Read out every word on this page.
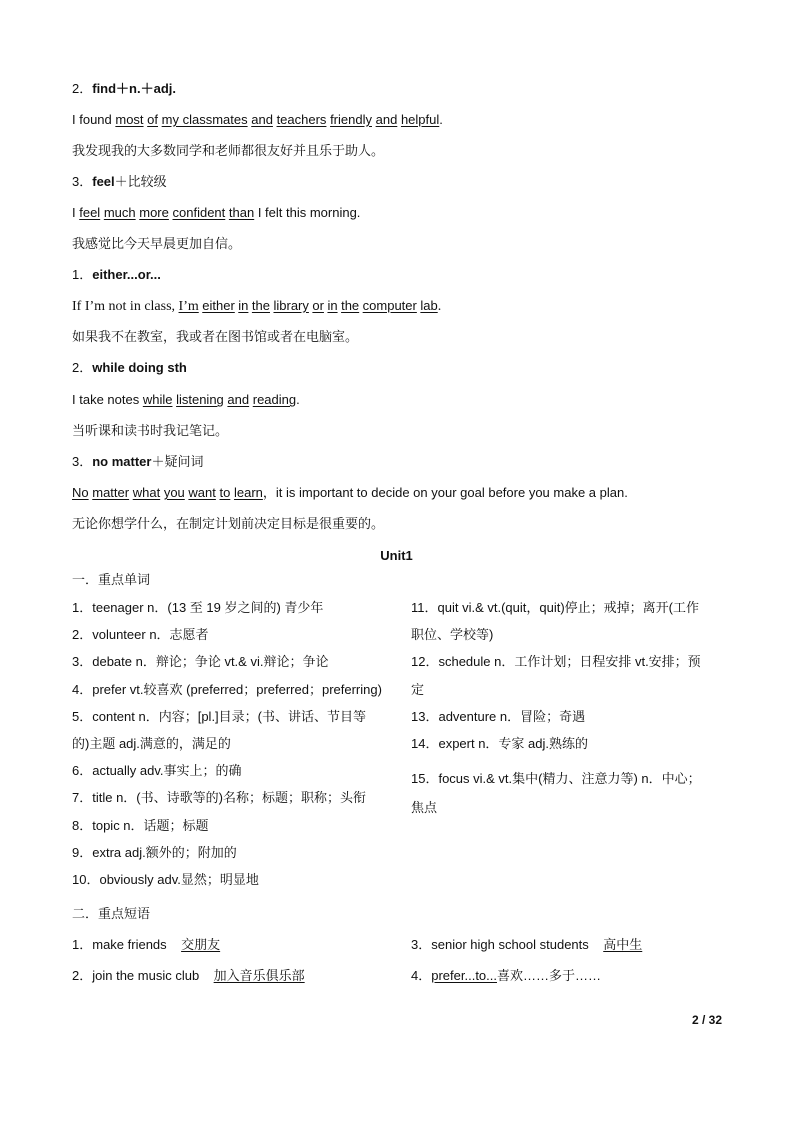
2．find＋n.＋adj.
I found most of my classmates and teachers friendly and helpful.
我发现我的大多数同学和老师都很友好并且乐于助人。
3．feel＋比较级
I feel much more confident than I felt this morning.
我感觉比今天早晨更加自信。
1．either...or...
If I’m not in class, I’m either in the library or in the computer lab.
如果我不在教室，我或者在图书馆或者在电脑室。
2．while doing sth
I take notes while listening and reading.
当听课和读书时我记笔记。
3．no matter＋疑问词
No matter what you want to learn，it is important to decide on your goal before you make a plan.
无论你想学什么，在制定计划前决定目标是很重要的。
Unit1
一．重点单词
1．teenager n．(13 至 19 岁之间的) 青少年
2．volunteer n．志愿者
3．debate n．辩论；争论 vt.& vi.辩论；争论
4．prefer vt.较喜欢 (preferred；preferred；preferring)
5．content n．内容；[pl.]目录；(书、讲话、节目等
的)主题 adj.满意的，满足的
6．actually adv.事实上；的确
7．title n．(书、诗歌等的)名称；标题；职称；头衔
8．topic n．话题；标题
9．extra adj.额外的；附加的
10．obviously adv.显然；明显地
11．quit vi.& vt.(quit，quit)停止；戒掉；离开(工作
职位、学校等)
12．schedule n．工作计划；日程安排 vt.安排；预
定
13．adventure n．冒险；奇遇
14．expert n．专家 adj.熟练的
15．focus vi.& vt.集中(精力、注意力等) n．中心；
焦点
二．重点短语
1．make friends 交朋友
2．join the music club 加入音乐俱乐部
3．senior high school students 高中生
4．prefer...to...喜欢……多于……
2 / 32
